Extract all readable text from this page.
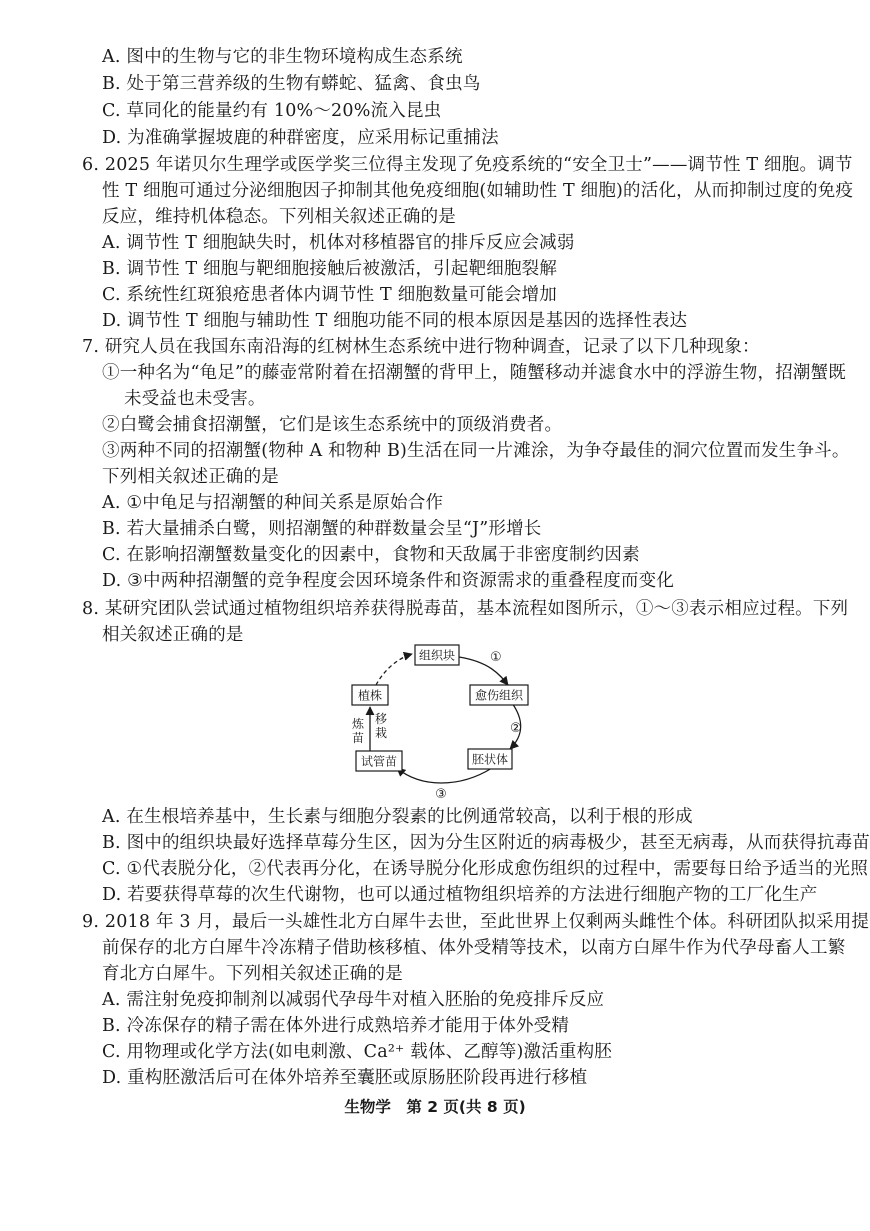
A. 图中的生物与它的非生物环境构成生态系统
B. 处于第三营养级的生物有蟒蛇、猛禽、食虫鸟
C. 草同化的能量约有 10%～20%流入昆虫
D. 为准确掌握坡鹿的种群密度，应采用标记重捕法
6. 2025 年诺贝尔生理学或医学奖三位得主发现了免疫系统的“安全卫士”——调节性 T 细胞。调节
性 T 细胞可通过分泌细胞因子抑制其他免疫细胞(如辅助性 T 细胞)的活化，从而抑制过度的免疫
反应，维持机体稳态。下列相关叙述正确的是
A. 调节性 T 细胞缺失时，机体对移植器官的排斥反应会减弱
B. 调节性 T 细胞与靶细胞接触后被激活，引起靶细胞裂解
C. 系统性红斑狼疮患者体内调节性 T 细胞数量可能会增加
D. 调节性 T 细胞与辅助性 T 细胞功能不同的根本原因是基因的选择性表达
7. 研究人员在我国东南沿海的红树林生态系统中进行物种调查，记录了以下几种现象：
①一种名为“龟足”的藤壶常附着在招潮蟹的背甲上，随蟹移动并滤食水中的浮游生物，招潮蟹既
未受益也未受害。
②白鹭会捕食招潮蟹，它们是该生态系统中的顶级消费者。
③两种不同的招潮蟹(物种 A 和物种 B)生活在同一片滩涂，为争夺最佳的洞穴位置而发生争斗。
下列相关叙述正确的是
A. ①中龟足与招潮蟹的种间关系是原始合作
B. 若大量捕杀白鹭，则招潮蟹的种群数量会呈“J”形增长
C. 在影响招潮蟹数量变化的因素中，食物和天敌属于非密度制约因素
D. ③中两种招潮蟹的竞争程度会因环境条件和资源需求的重叠程度而变化
8. 某研究团队尝试通过植物组织培养获得脱毒苗，基本流程如图所示，①～③表示相应过程。下列
相关叙述正确的是
组织块
愈伤组织
胚状体
试管苗
植株
①
②
③
炼
苗
移
栽
A. 在生根培养基中，生长素与细胞分裂素的比例通常较高，以利于根的形成
B. 图中的组织块最好选择草莓分生区，因为分生区附近的病毒极少，甚至无病毒，从而获得抗毒苗
C. ①代表脱分化，②代表再分化，在诱导脱分化形成愈伤组织的过程中，需要每日给予适当的光照
D. 若要获得草莓的次生代谢物，也可以通过植物组织培养的方法进行细胞产物的工厂化生产
9. 2018 年 3 月，最后一头雄性北方白犀牛去世，至此世界上仅剩两头雌性个体。科研团队拟采用提
前保存的北方白犀牛冷冻精子借助核移植、体外受精等技术，以南方白犀牛作为代孕母畜人工繁
育北方白犀牛。下列相关叙述正确的是
A. 需注射免疫抑制剂以减弱代孕母牛对植入胚胎的免疫排斥反应
B. 冷冻保存的精子需在体外进行成熟培养才能用于体外受精
C. 用物理或化学方法(如电刺激、Ca²⁺ 载体、乙醇等)激活重构胚
D. 重构胚激活后可在体外培养至囊胚或原肠胚阶段再进行移植
生物学　第 2 页(共 8 页)
